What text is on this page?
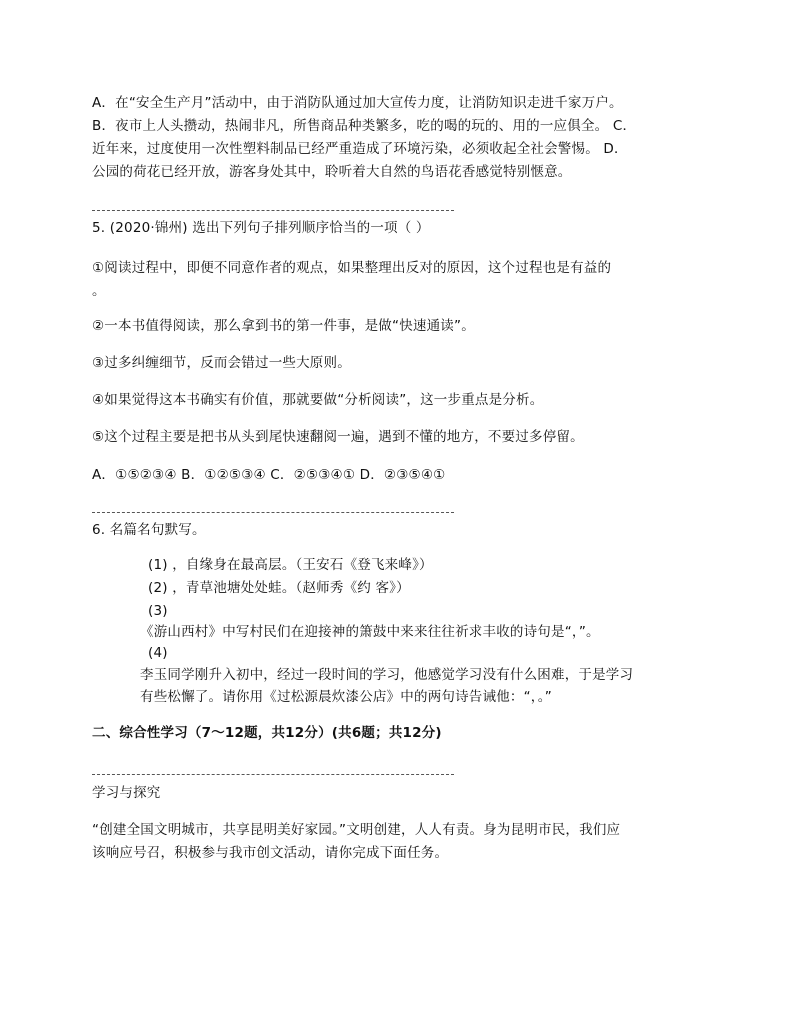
A．在“安全生产月”活动中，由于消防队通过加大宣传力度，让消防知识走进千家万户。
B．夜市上人头攒动，热闹非凡，所售商品种类繁多，吃的喝的玩的、用的一应俱全。 C．
近年来，过度使用一次性塑料制品已经严重造成了环境污染，必须收起全社会警惕。 D．
公园的荷花已经开放，游客身处其中，聆听着大自然的鸟语花香感觉特别惬意。
5. (2020·锦州) 选出下列句子排列顺序恰当的一项（ ）
①阅读过程中，即便不同意作者的观点，如果整理出反对的原因，这个过程也是有益的
。
②一本书值得阅读，那么拿到书的第一件事，是做“快速通读”。
③过多纠缠细节，反而会错过一些大原则。
④如果觉得这本书确实有价值，那就要做“分析阅读”，这一步重点是分析。
⑤这个过程主要是把书从头到尾快速翻阅一遍，遇到不懂的地方，不要过多停留。
A．①⑤②③④ B．①②⑤③④ C．②⑤③④① D．②③⑤④①
6. 名篇名句默写。
(1) ，自缘身在最高层。（王安石《登飞来峰》）
(2) ，青草池塘处处蛙。（赵师秀《约 客》）
(3)
《游山西村》中写村民们在迎接神的箫鼓中来来往往祈求丰收的诗句是“，”。
(4)
李玉同学刚升入初中，经过一段时间的学习，他感觉学习没有什么困难，于是学习
有些松懈了。请你用《过松源晨炊漆公店》中的两句诗告诫他：“，。”
二、综合性学习（7～12题，共12分）(共6题；共12分)
学习与探究
“创建全国文明城市，共享昆明美好家园。”文明创建，人人有责。身为昆明市民，我们应
该响应号召，积极参与我市创文活动，请你完成下面任务。
